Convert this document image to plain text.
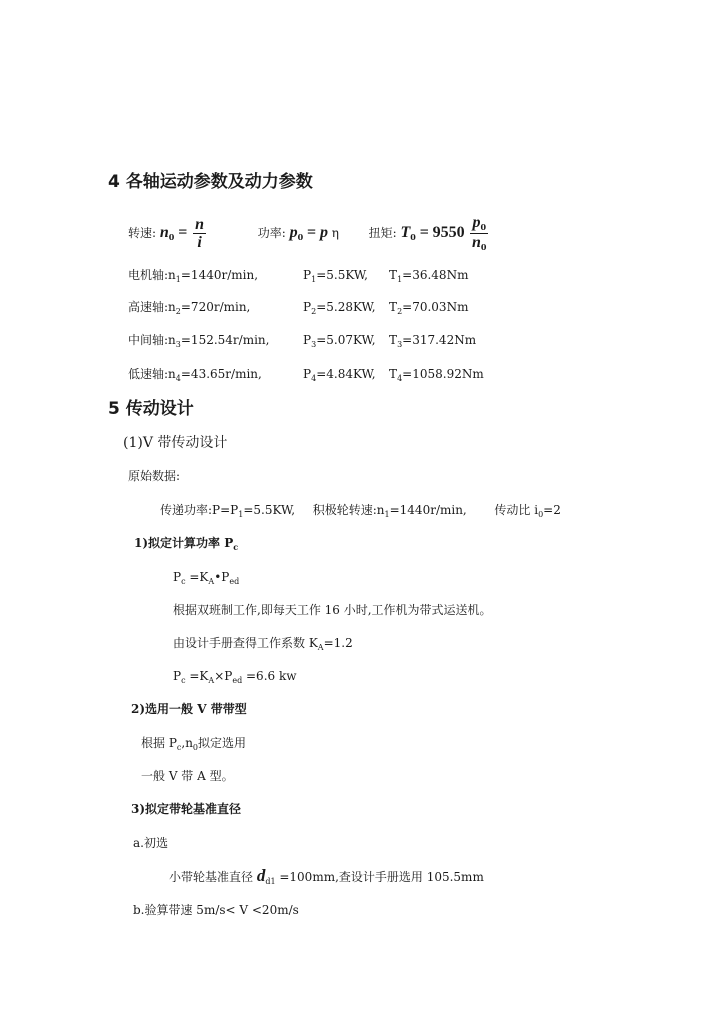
4 各轴运动参数及动力参数
转速: $n_0 = \frac{n}{i}$	功率: $p_0 = p$ η 扭矩: $T_0 = 9550 \frac{p_0}{n_0}$
电机轴$:n_1=1440r/\min$,	$P_1=5.5KW$, $T_1=36.48Nm$
高速轴$:n_2=720r/\min$,	$P_2=5.28KW$, $T_2=70.03Nm$
中间轴$:n_3=152.54r/\min$,	$P_3=5.07KW$, $T_3=317.42Nm$
低速轴$:n_4=43.65r/\min$,	$P_4=4.84KW$, $T_4=1058.92Nm$
5 传动设计
(1)V 带传动设计
原始数据:
传递功率$:P=P_1=5.5KW$, 积极轮转速$:n_1=1440r/\min$, 传动比 $i_0=2$
1)拟定计算功率 $P_c$
$P_c$ $=K_A•P_{ed}$
根据双班制工作,即每天工作 16 小时,工作机为带式运送机。
由设计手册查得工作系数 $K_A=1.2$
$P_c =K_A\times P_{ed} =6.6$ kw
2)选用一般 V 带带型
根据 $P_c,n_0$拟定选用
一般 V 带 A 型。
3)拟定带轮基准直径
a.初选
小带轮基准直径 $d_{d1} =100mm$,查设计手册选用 105.5mm
b.验算带速 5m/s< V <20m/s
